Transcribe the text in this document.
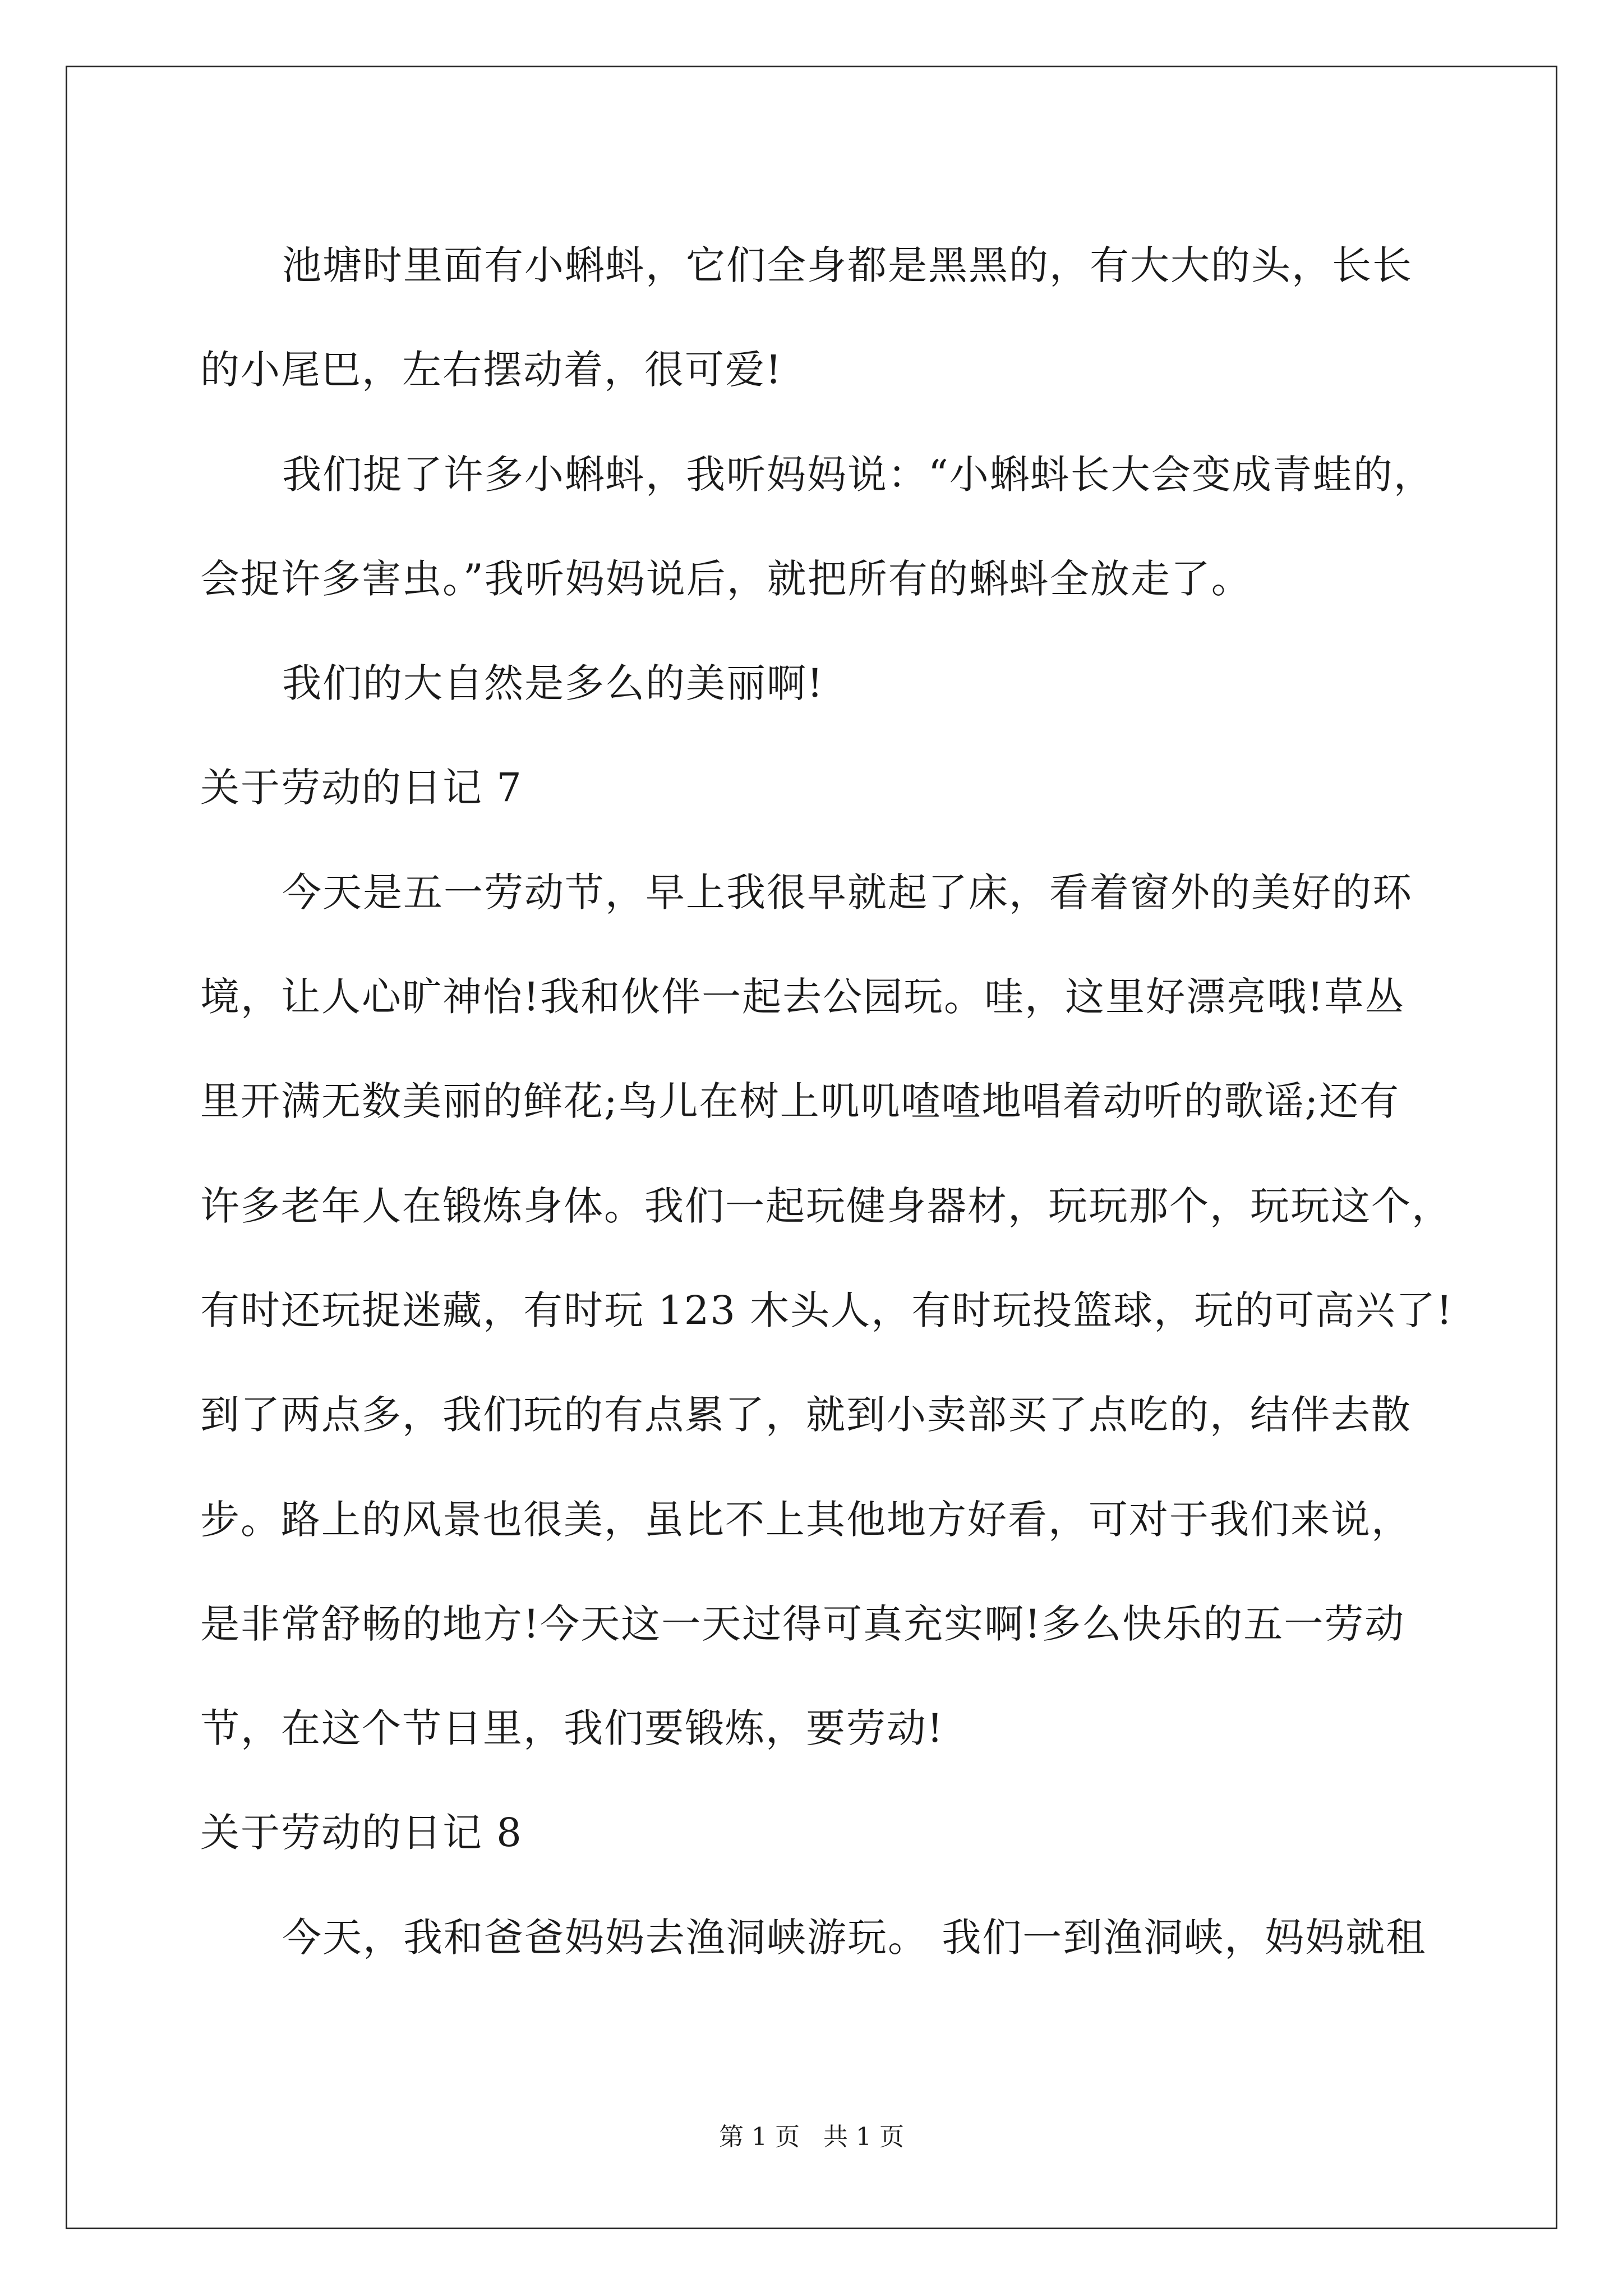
池塘时里面有小蝌蚪，它们全身都是黑黑的，有大大的头，长长
的小尾巴，左右摆动着，很可爱!
我们捉了许多小蝌蚪，我听妈妈说：“小蝌蚪长大会变成青蛙的，
会捉许多害虫。”我听妈妈说后，就把所有的蝌蚪全放走了。
我们的大自然是多么的美丽啊!
关于劳动的日记 7
今天是五一劳动节，早上我很早就起了床，看着窗外的美好的环
境，让人心旷神怡!我和伙伴一起去公园玩。哇，这里好漂亮哦!草丛
里开满无数美丽的鲜花;鸟儿在树上叽叽喳喳地唱着动听的歌谣;还有
许多老年人在锻炼身体。我们一起玩健身器材，玩玩那个，玩玩这个，
有时还玩捉迷藏，有时玩 123 木头人，有时玩投篮球，玩的可高兴了!
到了两点多，我们玩的有点累了，就到小卖部买了点吃的，结伴去散
步。路上的风景也很美，虽比不上其他地方好看，可对于我们来说，
是非常舒畅的地方!今天这一天过得可真充实啊!多么快乐的五一劳动
节，在这个节日里，我们要锻炼，要劳动!
关于劳动的日记 8
今天，我和爸爸妈妈去渔洞峡游玩。 我们一到渔洞峡，妈妈就租
第 1 页   共 1 页
